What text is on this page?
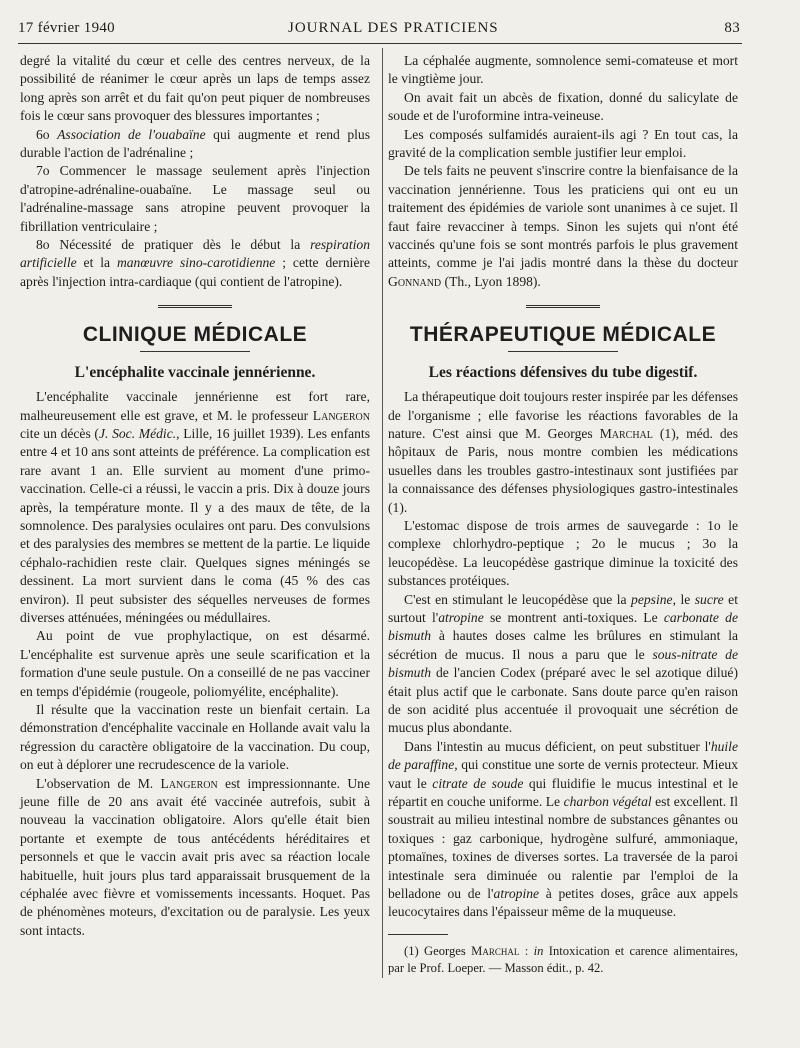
17 février 1940	JOURNAL DES PRATICIENS	83

degré la vitalité du cœur et celle des centres nerveux, de la possibilité de réanimer le cœur après un laps de temps assez long après son arrêt et du fait qu'on peut piquer de nombreuses fois le cœur sans provoquer des blessures importantes ;

6o Association de l'ouabaïne qui augmente et rend plus durable l'action de l'adrénaline ;

7o Commencer le massage seulement après l'injection d'atropine-adrénaline-ouabaïne. Le massage seul ou l'adrénaline-massage sans atropine peuvent provoquer la fibrillation ventriculaire ;

8o Nécessité de pratiquer dès le début la respiration artificielle et la manœuvre sino-carotidienne ; cette dernière après l'injection intra-cardiaque (qui contient de l'atropine).

CLINIQUE MÉDICALE
L'encéphalite vaccinale jennérienne.

L'encéphalite vaccinale jennérienne est fort rare, malheureusement elle est grave, et M. le professeur Langeron cite un décès (J. Soc. Médic., Lille, 16 juillet 1939). Les enfants entre 4 et 10 ans sont atteints de préférence. La complication est rare avant 1 an. Elle survient au moment d'une primo-vaccination. Celle-ci a réussi, le vaccin a pris. Dix à douze jours après, la température monte. Il y a des maux de tête, de la somnolence. Des paralysies oculaires ont paru. Des convulsions et des paralysies des membres se mettent de la partie. Le liquide céphalo-rachidien reste clair. Quelques signes méningés se dessinent. La mort survient dans le coma (45 % des cas environ). Il peut subsister des séquelles nerveuses de formes diverses atténuées, méningées ou médullaires.

Au point de vue prophylactique, on est désarmé. L'encéphalite est survenue après une seule scarification et la formation d'une seule pustule. On a conseillé de ne pas vacciner en temps d'épidémie (rougeole, poliomyélite, encéphalite).

Il résulte que la vaccination reste un bienfait certain. La démonstration d'encéphalite vaccinale en Hollande avait valu la régression du caractère obligatoire de la vaccination. Du coup, on eut à déplorer une recrudescence de la variole.

L'observation de M. Langeron est impressionnante. Une jeune fille de 20 ans avait été vaccinée autrefois, subit à nouveau la vaccination obligatoire. Alors qu'elle était bien portante et exempte de tous antécédents héréditaires et personnels et que le vaccin avait pris avec sa réaction locale habituelle, huit jours plus tard apparaissait brusquement de la céphalée avec fièvre et vomissements incessants. Hoquet. Pas de phénomènes moteurs, d'excitation ou de paralysie. Les yeux sont intacts.

La céphalée augmente, somnolence semi-comateuse et mort le vingtième jour.

On avait fait un abcès de fixation, donné du salicylate de soude et de l'uroformine intra-veineuse.

Les composés sulfamidés auraient-ils agi ? En tout cas, la gravité de la complication semble justifier leur emploi.

De tels faits ne peuvent s'inscrire contre la bienfaisance de la vaccination jennérienne. Tous les praticiens qui ont eu un traitement des épidémies de variole sont unanimes à ce sujet. Il faut faire revacciner à temps. Sinon les sujets qui n'ont été vaccinés qu'une fois se sont montrés parfois le plus gravement atteints, comme je l'ai jadis montré dans la thèse du docteur Gonnand (Th., Lyon 1898).

THÉRAPEUTIQUE MÉDICALE
Les réactions défensives du tube digestif.

La thérapeutique doit toujours rester inspirée par les défenses de l'organisme ; elle favorise les réactions favorables de la nature. C'est ainsi que M. Georges Marchal (1), méd. des hôpitaux de Paris, nous montre combien les médications usuelles dans les troubles gastro-intestinaux sont justifiées par la connaissance des défenses physiologiques gastro-intestinales (1).

L'estomac dispose de trois armes de sauvegarde : 1o le complexe chlorhydro-peptique ; 2o le mucus ; 3o la leucopédèse. La leucopédèse gastrique diminue la toxicité des substances protéiques.

C'est en stimulant le leucopédèse que la pepsine, le sucre et surtout l'atropine se montrent anti-toxiques. Le carbonate de bismuth à hautes doses calme les brûlures en stimulant la sécrétion de mucus. Il nous a paru que le sous-nitrate de bismuth de l'ancien Codex (préparé avec le sel azotique dilué) était plus actif que le carbonate. Sans doute parce qu'en raison de son acidité plus accentuée il provoquait une sécrétion de mucus plus abondante.

Dans l'intestin au mucus déficient, on peut substituer l'huile de paraffine, qui constitue une sorte de vernis protecteur. Mieux vaut le citrate de soude qui fluidifie le mucus intestinal et le répartit en couche uniforme. Le charbon végétal est excellent. Il soustrait au milieu intestinal nombre de substances gênantes ou toxiques : gaz carbonique, hydrogène sulfuré, ammoniaque, ptomaïnes, toxines de diverses sortes. La traversée de la paroi intestinale sera diminuée ou ralentie par l'emploi de la belladone ou de l'atropine à petites doses, grâce aux appels leucocytaires dans l'épaisseur même de la muqueuse.

(1) Georges Marchal : in Intoxication et carence alimentaires, par le Prof. Loeper. — Masson édit., p. 42.
